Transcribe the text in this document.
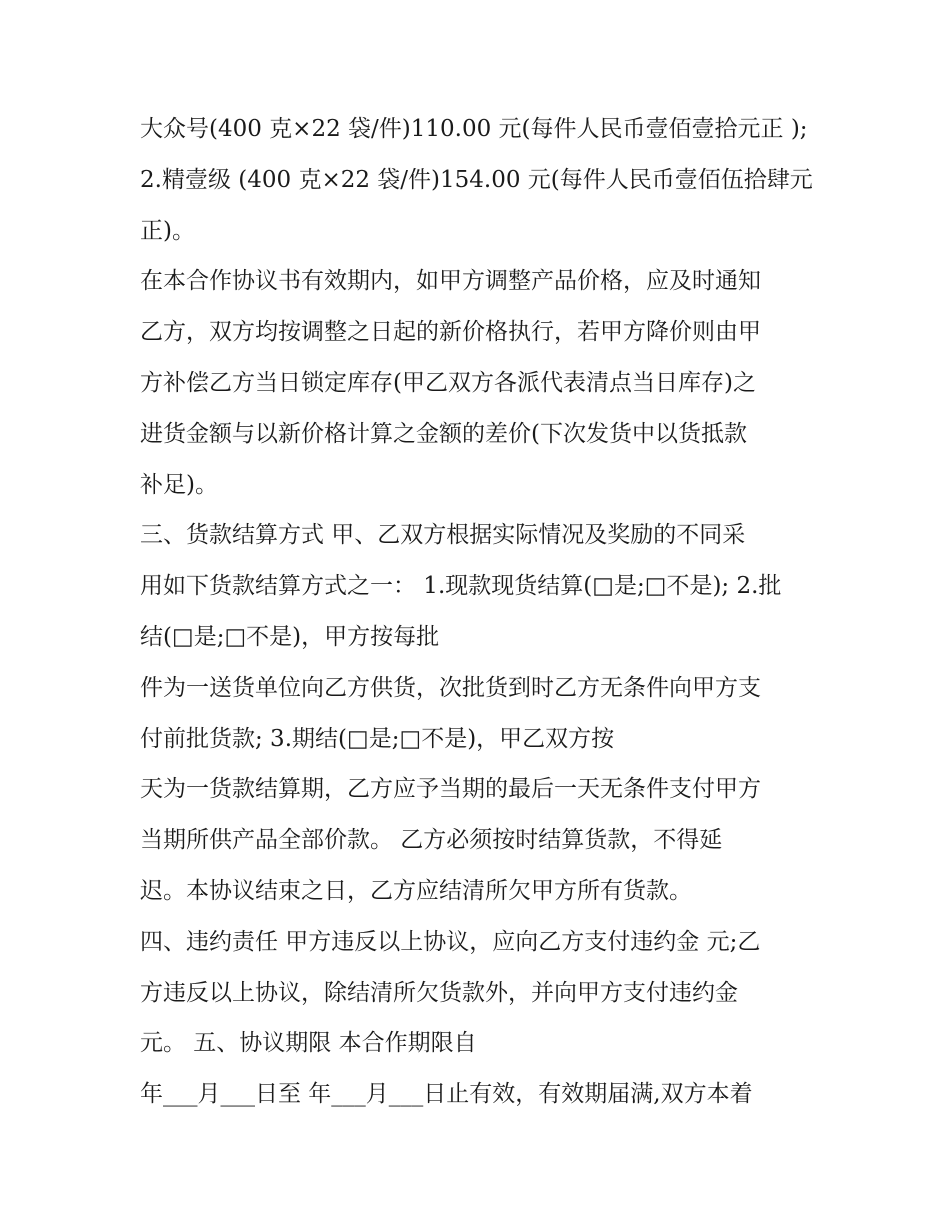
大众号(400 克×22 袋/件)110.00 元(每件人民币壹佰壹拾元正 );
2.精壹级 (400 克×22 袋/件)154.00 元(每件人民币壹佰伍拾肆元
正)。
在本合作协议书有效期内，如甲方调整产品价格，应及时通知
乙方，双方均按调整之日起的新价格执行，若甲方降价则由甲
方补偿乙方当日锁定库存(甲乙双方各派代表清点当日库存)之
进货金额与以新价格计算之金额的差价(下次发货中以货抵款
补足)。
三、货款结算方式 甲、乙双方根据实际情况及奖励的不同采
用如下货款结算方式之一： 1.现款现货结算(□是;□不是); 2.批
结(□是;□不是)，甲方按每批
件为一送货单位向乙方供货，次批货到时乙方无条件向甲方支
付前批货款; 3.期结(□是;□不是)，甲乙双方按
天为一货款结算期，乙方应予当期的最后一天无条件支付甲方
当期所供产品全部价款。 乙方必须按时结算货款，不得延
迟。本协议结束之日，乙方应结清所欠甲方所有货款。
四、违约责任 甲方违反以上协议，应向乙方支付违约金 元;乙
方违反以上协议，除结清所欠货款外，并向甲方支付违约金
元。 五、协议期限 本合作期限自
年___月___日至 年___月___日止有效，有效期届满,双方本着
